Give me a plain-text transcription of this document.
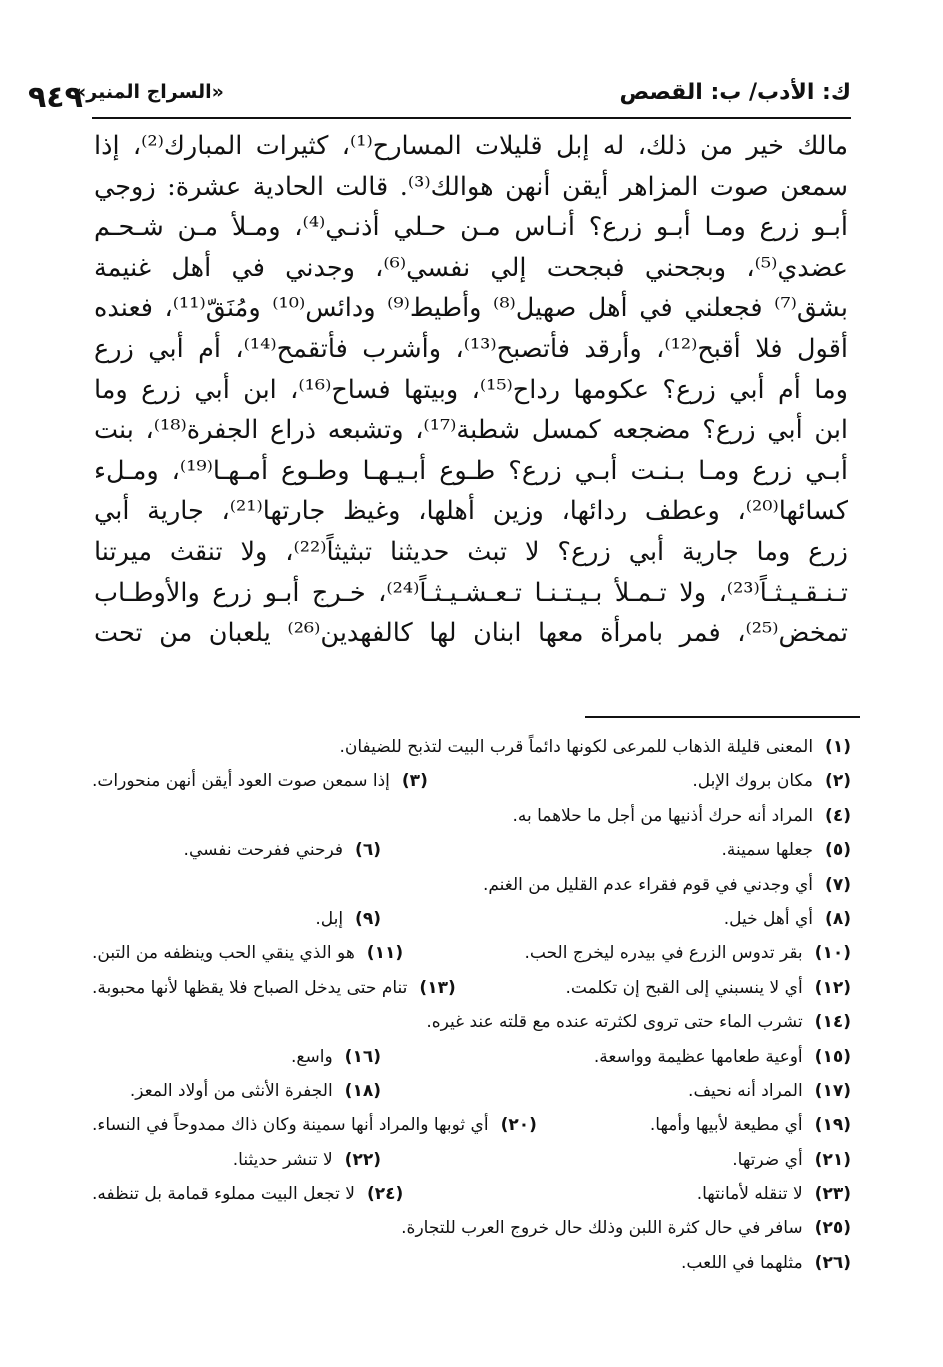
ك: الأدب/ ب: القصص
«السراج المنير»
٩٤٩
مالك خير من ذلك، له إبل قليلات المسارح⁽¹⁾، كثيرات المبارك⁽²⁾، إذا
سمعن صوت المزاهر أيقن أنهن هوالك⁽³⁾. قالت الحادية عشرة: زوجي
أبـو زرع ومـا أبـو زرع؟ أنـاس مـن حـلي أذنـي⁽⁴⁾، ومـلأ مـن شـحـم
عضدي⁽⁵⁾، وبجحني فبجحت إلي نفسي⁽⁶⁾، وجدني في أهل غنيمة
بشق⁽⁷⁾ فجعلني في أهل صهيل⁽⁸⁾ وأطيط⁽⁹⁾ ودائس⁽¹⁰⁾ ومُنَقّ⁽¹¹⁾، فعنده
أقول فلا أقبح⁽¹²⁾، وأرقد فأتصبح⁽¹³⁾، وأشرب فأتقمح⁽¹⁴⁾، أم أبي زرع
وما أم أبي زرع؟ عكومها رداح⁽¹⁵⁾، وبيتها فساح⁽¹⁶⁾، ابن أبي زرع وما
ابن أبي زرع؟ مضجعه كمسل شطبة⁽¹⁷⁾، وتشبعه ذراع الجفرة⁽¹⁸⁾، بنت
أبـي زرع ومـا بـنـت أبـي زرع؟ طـوع أبـيـهـا وطـوع أمـهـا⁽¹⁹⁾، ومـلء
كسائها⁽²⁰⁾، وعطف ردائها، وزين أهلها، وغيظ جارتها⁽²¹⁾، جارية أبي
زرع وما جارية أبي زرع؟ لا تبث حديثنا تبثيثاً⁽²²⁾، ولا تنقث ميرتنا
تـنـقـيـثـاً⁽²³⁾، ولا تـمـلأ بـيـتـنـا تـعـشـيـثـاً⁽²⁴⁾، خـرج أبـو زرع والأوطـاب
تمخض⁽²⁵⁾، فمر بامرأة معها ابنان لها كالفهدين⁽²⁶⁾ يلعبان من تحت
(١)المعنى قليلة الذهاب للمرعى لكونها دائماً قرب البيت لتذبح للضيفان.
(٢)مكان بروك الإبل.
(٣)إذا سمعن صوت العود أيقن أنهن منحورات.
(٤)المراد أنه حرك أذنيها من أجل ما حلاهما به.
(٥)جعلها سمينة.
(٦)فرحني ففرحت نفسي.
(٧)أي وجدني في قوم فقراء عدم القليل من الغنم.
(٨)أي أهل خيل.
(٩)إبل.
(١٠)بقر تدوس الزرع في بيدره ليخرج الحب.
(١١)هو الذي ينقي الحب وينظفه من التبن.
(١٢)أي لا ينسبني إلى القبح إن تكلمت.
(١٣)تنام حتى يدخل الصباح فلا يقظها لأنها محبوبة.
(١٤)تشرب الماء حتى تروى لكثرته عنده مع قلته عند غيره.
(١٥)أوعية طعامها عظيمة وواسعة.
(١٦)واسع.
(١٧)المراد أنه نحيف.
(١٨)الجفرة الأنثى من أولاد المعز.
(١٩)أي مطيعة لأبيها وأمها.
(٢٠)أي ثوبها والمراد أنها سمينة وكان ذاك ممدوحاً في النساء.
(٢١)أي ضرتها.
(٢٢)لا تنشر حديثنا.
(٢٣)لا تنقله لأمانتها.
(٢٤)لا تجعل البيت مملوء قمامة بل تنظفه.
(٢٥)سافر في حال كثرة اللبن وذلك حال خروج العرب للتجارة.
(٢٦)مثلهما في اللعب.
